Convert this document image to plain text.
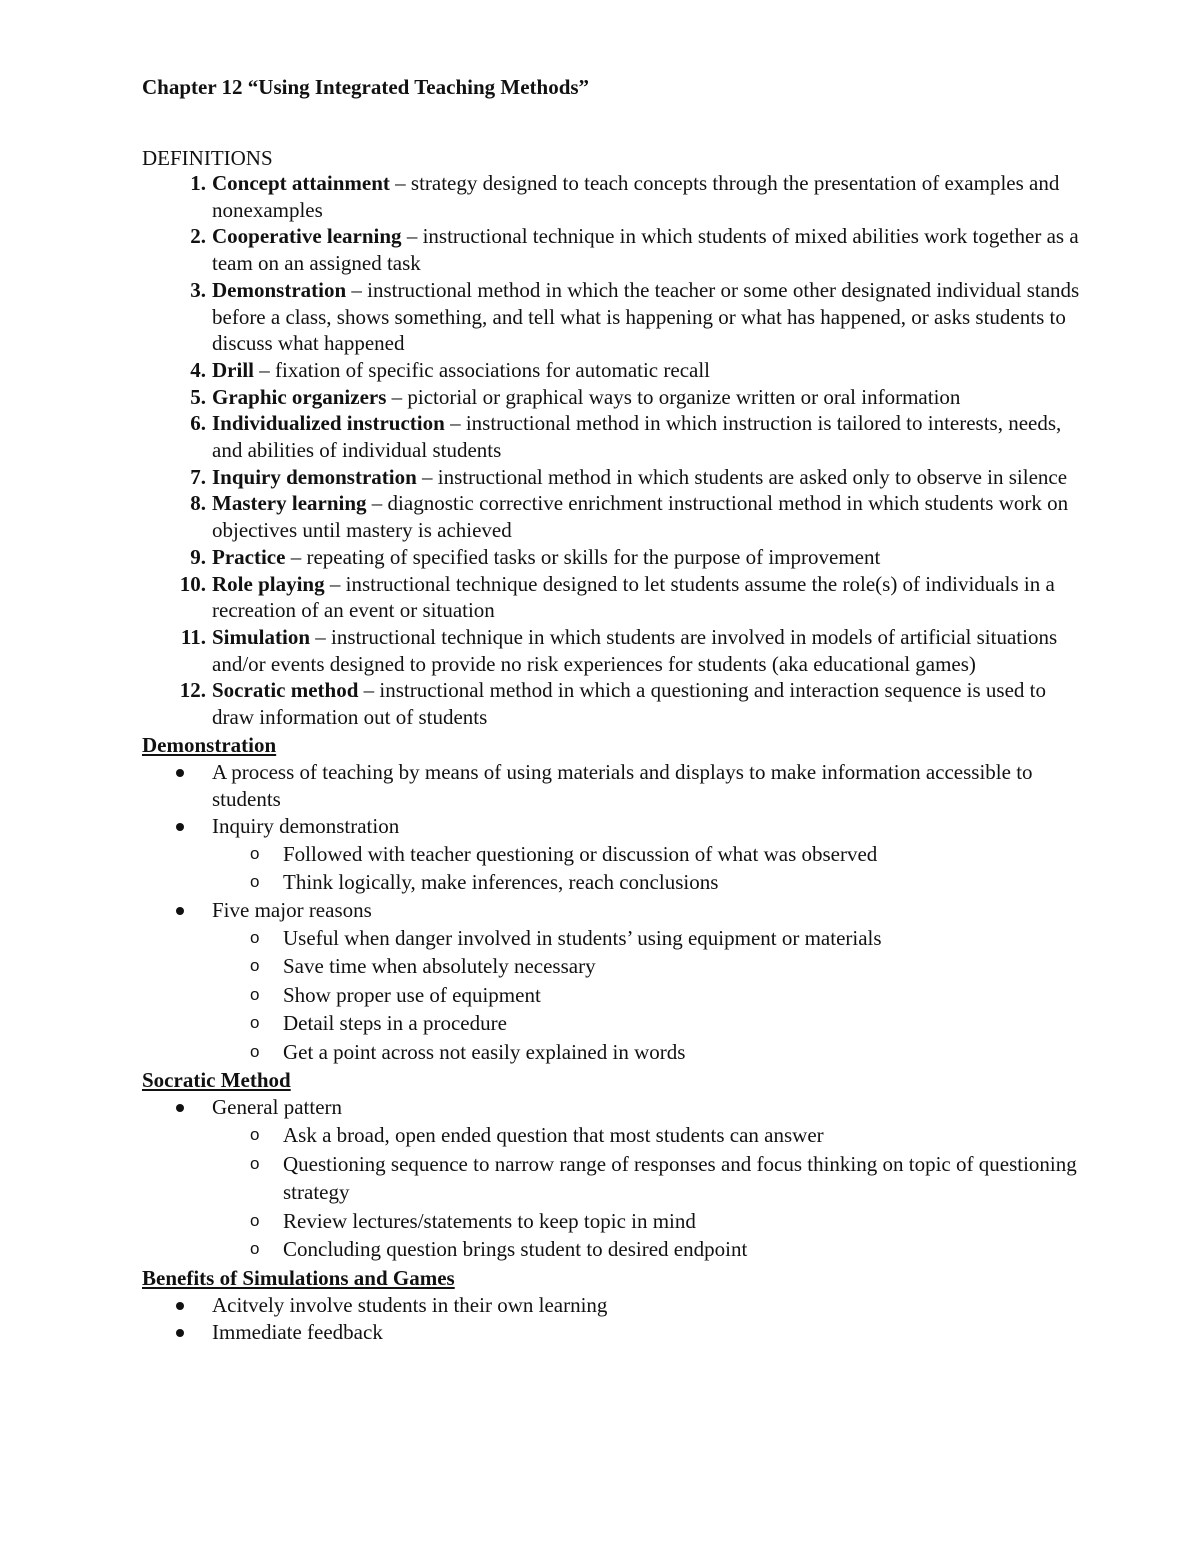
Chapter 12 “Using Integrated Teaching Methods”
DEFINITIONS
1. Concept attainment – strategy designed to teach concepts through the presentation of examples and nonexamples
2. Cooperative learning – instructional technique in which students of mixed abilities work together as a team on an assigned task
3. Demonstration – instructional method in which the teacher or some other designated individual stands before a class, shows something, and tell what is happening or what has happened, or asks students to discuss what happened
4. Drill – fixation of specific associations for automatic recall
5. Graphic organizers – pictorial or graphical ways to organize written or oral information
6. Individualized instruction – instructional method in which instruction is tailored to interests, needs, and abilities of individual students
7. Inquiry demonstration – instructional method in which students are asked only to observe in silence
8. Mastery learning – diagnostic corrective enrichment instructional method in which students work on objectives until mastery is achieved
9. Practice – repeating of specified tasks or skills for the purpose of improvement
10. Role playing – instructional technique designed to let students assume the role(s) of individuals in a recreation of an event or situation
11. Simulation – instructional technique in which students are involved in models of artificial situations and/or events designed to provide no risk experiences for students (aka educational games)
12. Socratic method – instructional method in which a questioning and interaction sequence is used to draw information out of students
Demonstration
A process of teaching by means of using materials and displays to make information accessible to students
Inquiry demonstration
o Followed with teacher questioning or discussion of what was observed
o Think logically, make inferences, reach conclusions
Five major reasons
o Useful when danger involved in students’ using equipment or materials
o Save time when absolutely necessary
o Show proper use of equipment
o Detail steps in a procedure
o Get a point across not easily explained in words
Socratic Method
General pattern
o Ask a broad, open ended question that most students can answer
o Questioning sequence to narrow range of responses and focus thinking on topic of questioning strategy
o Review lectures/statements to keep topic in mind
o Concluding question brings student to desired endpoint
Benefits of Simulations and Games
Acitvely involve students in their own learning
Immediate feedback
